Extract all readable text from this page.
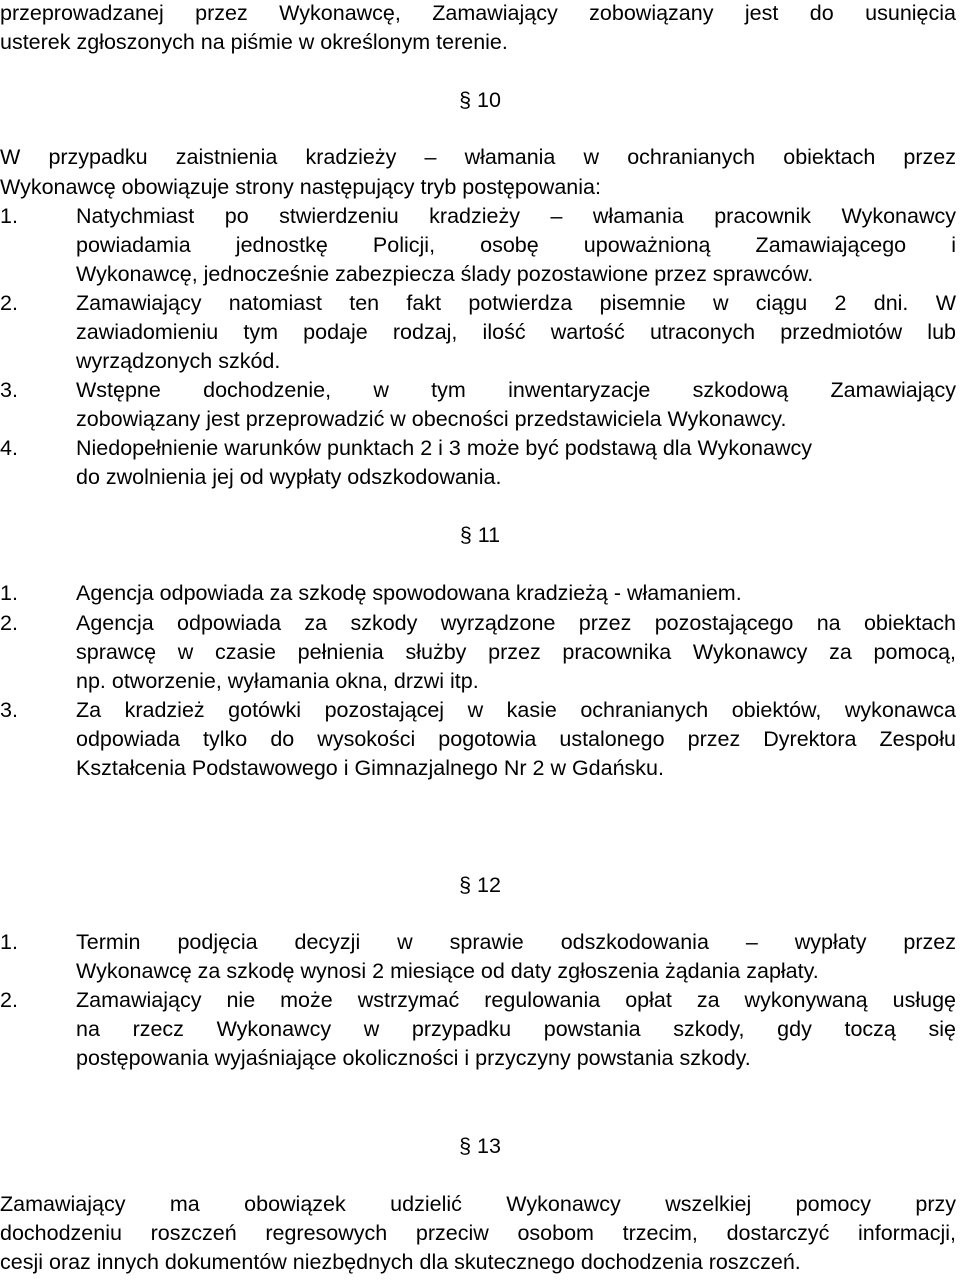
przeprowadzanej przez Wykonawcę, Zamawiający zobowiązany jest do usunięcia
usterek zgłoszonych na piśmie w określonym terenie.
§ 10
W przypadku zaistnienia kradzieży – włamania w ochranianych obiektach przez
Wykonawcę obowiązuje strony następujący tryb postępowania:
1.	Natychmiast po stwierdzeniu kradzieży – włamania pracownik Wykonawcy
powiadamia jednostkę Policji, osobę upoważnioną Zamawiającego i
Wykonawcę, jednocześnie zabezpiecza ślady pozostawione przez sprawców.
2.	Zamawiający natomiast ten fakt potwierdza pisemnie w ciągu 2 dni. W
zawiadomieniu tym podaje rodzaj, ilość wartość utraconych przedmiotów lub
wyrządzonych szkód.
3.	Wstępne dochodzenie, w tym inwentaryzacje szkodową Zamawiający
zobowiązany jest przeprowadzić w obecności przedstawiciela Wykonawcy.
4.	Niedopełnienie warunków punktach 2 i 3 może być podstawą dla Wykonawcy
do zwolnienia jej od wypłaty odszkodowania.
§ 11
1.	Agencja odpowiada za szkodę spowodowana kradzieżą - włamaniem.
2.	Agencja odpowiada za szkody wyrządzone przez pozostającego na obiektach
sprawcę w czasie pełnienia służby przez pracownika Wykonawcy za pomocą,
np. otworzenie, wyłamania okna, drzwi itp.
3.	Za kradzież gotówki pozostającej w kasie ochranianych obiektów, wykonawca
odpowiada tylko do wysokości pogotowia ustalonego przez Dyrektora Zespołu
Kształcenia Podstawowego i Gimnazjalnego Nr 2 w Gdańsku.
§ 12
1.	Termin podjęcia decyzji w sprawie odszkodowania – wypłaty przez
Wykonawcę za szkodę wynosi 2 miesiące od daty zgłoszenia żądania zapłaty.
2.	Zamawiający nie może wstrzymać regulowania opłat za wykonywaną usługę
na rzecz Wykonawcy w przypadku powstania szkody, gdy toczą się
postępowania wyjaśniające okoliczności i przyczyny powstania szkody.
§ 13
Zamawiający ma obowiązek udzielić Wykonawcy wszelkiej pomocy przy
dochodzeniu roszczeń regresowych przeciw osobom trzecim, dostarczyć informacji,
cesji oraz innych dokumentów niezbędnych dla skutecznego dochodzenia roszczeń.
